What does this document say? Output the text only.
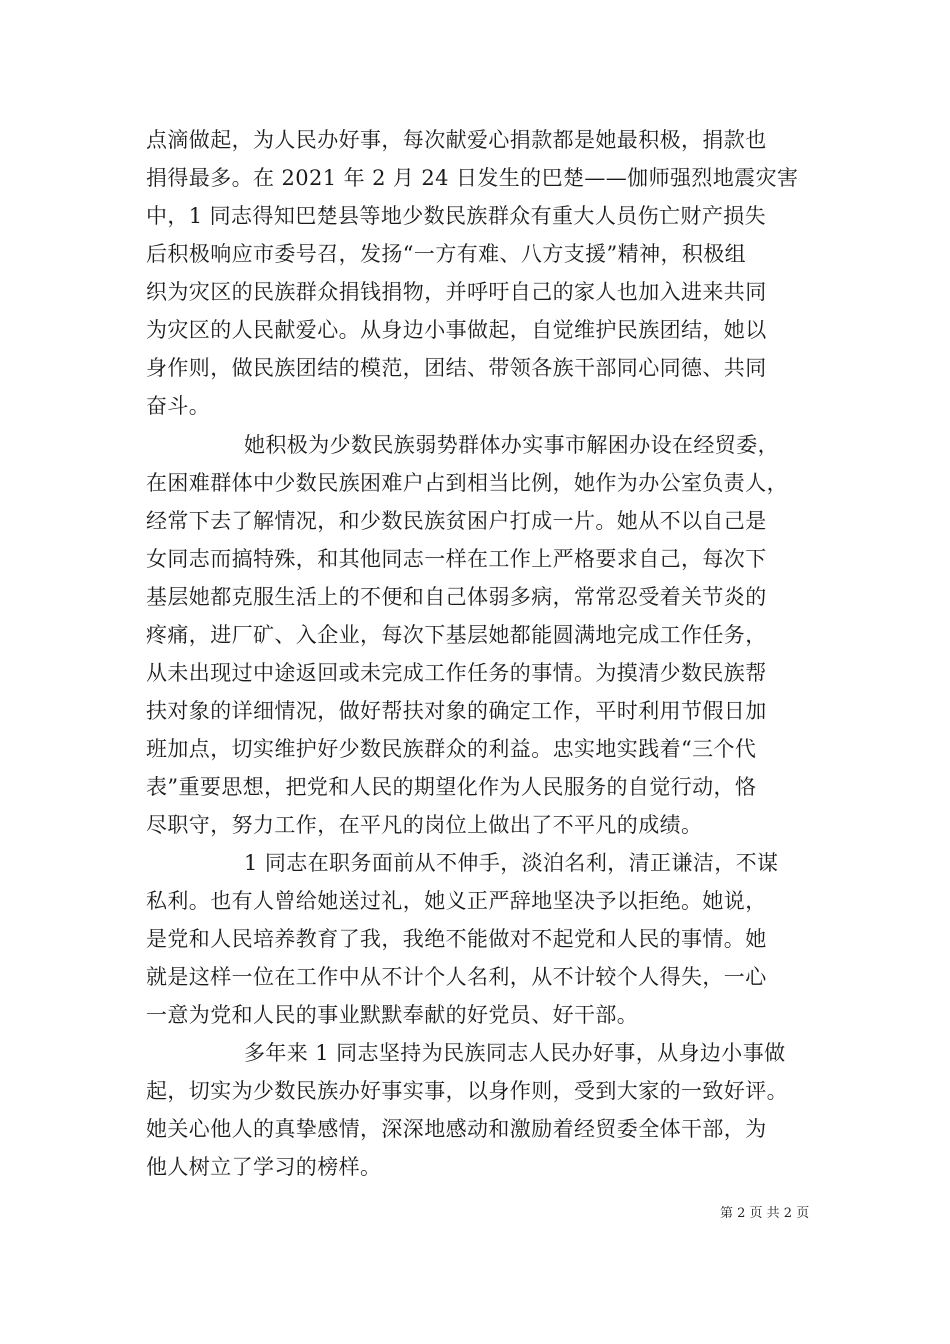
点滴做起，为人民办好事，每次献爱心捐款都是她最积极，捐款也
捐得最多。在 2021 年 2 月 24 日发生的巴楚——伽师强烈地震灾害
中，1 同志得知巴楚县等地少数民族群众有重大人员伤亡财产损失
后积极响应市委号召，发扬“一方有难、八方支援”精神，积极组
织为灾区的民族群众捐钱捐物，并呼吁自己的家人也加入进来共同
为灾区的人民献爱心。从身边小事做起，自觉维护民族团结，她以
身作则，做民族团结的模范，团结、带领各族干部同心同德、共同
奋斗。
她积极为少数民族弱势群体办实事市解困办设在经贸委，
在困难群体中少数民族困难户占到相当比例，她作为办公室负责人，
经常下去了解情况，和少数民族贫困户打成一片。她从不以自己是
女同志而搞特殊，和其他同志一样在工作上严格要求自己，每次下
基层她都克服生活上的不便和自己体弱多病，常常忍受着关节炎的
疼痛，进厂矿、入企业，每次下基层她都能圆满地完成工作任务，
从未出现过中途返回或未完成工作任务的事情。为摸清少数民族帮
扶对象的详细情况，做好帮扶对象的确定工作，平时利用节假日加
班加点，切实维护好少数民族群众的利益。忠实地实践着“三个代
表”重要思想，把党和人民的期望化作为人民服务的自觉行动，恪
尽职守，努力工作，在平凡的岗位上做出了不平凡的成绩。
1 同志在职务面前从不伸手，淡泊名利，清正谦洁，不谋
私利。也有人曾给她送过礼，她义正严辞地坚决予以拒绝。她说，
是党和人民培养教育了我，我绝不能做对不起党和人民的事情。她
就是这样一位在工作中从不计个人名利，从不计较个人得失，一心
一意为党和人民的事业默默奉献的好党员、好干部。
多年来 1 同志坚持为民族同志人民办好事，从身边小事做
起，切实为少数民族办好事实事，以身作则，受到大家的一致好评。
她关心他人的真挚感情，深深地感动和激励着经贸委全体干部，为
他人树立了学习的榜样。
第 2 页 共 2 页
